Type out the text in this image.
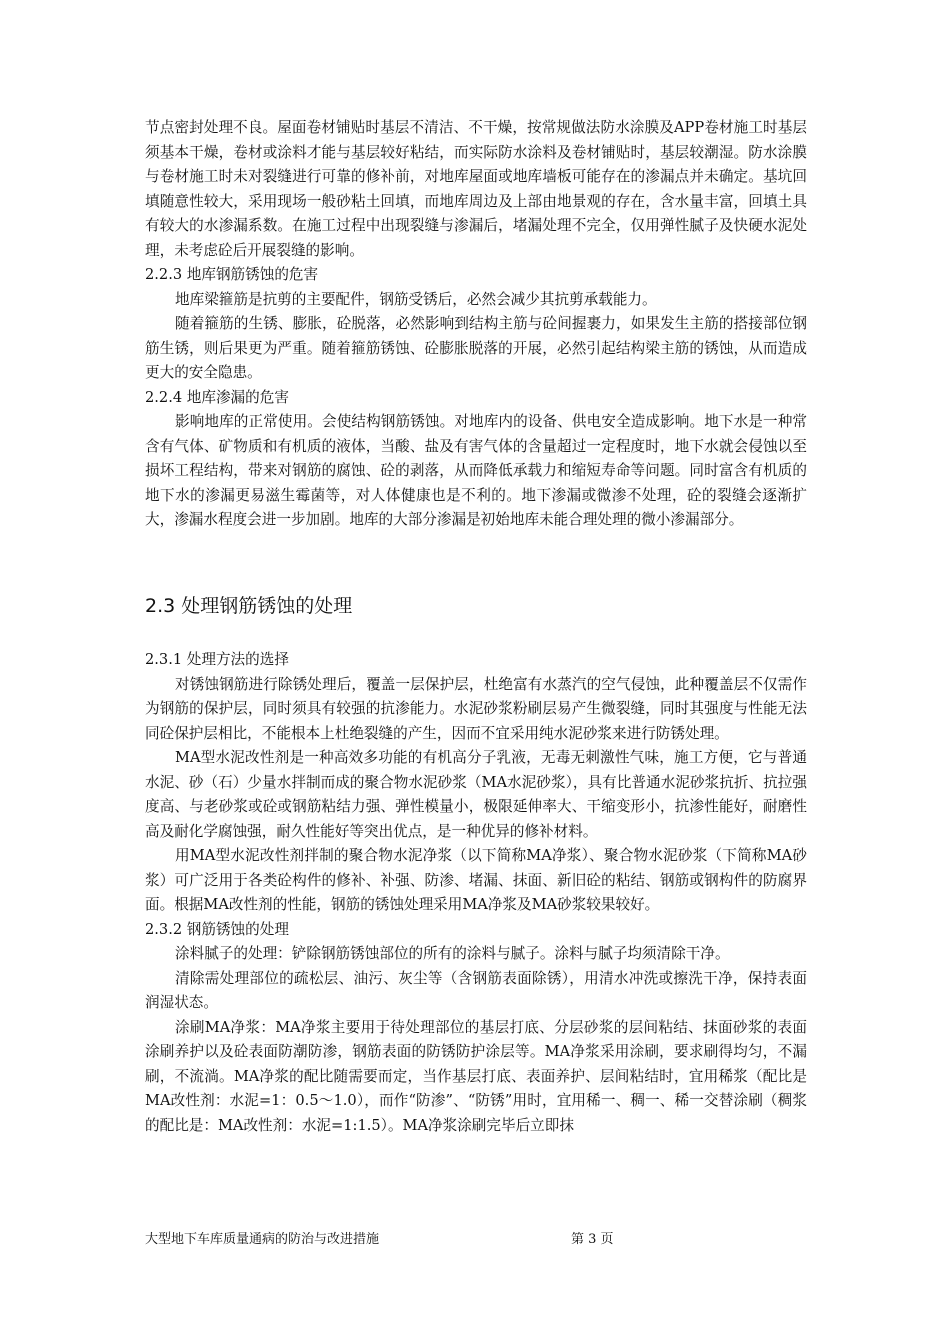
节点密封处理不良。屋面卷材铺贴时基层不清洁、不干燥，按常规做法防水涂膜及APP卷材施工时基层须基本干燥，卷材或涂料才能与基层较好粘结，而实际防水涂料及卷材铺贴时，基层较潮湿。防水涂膜与卷材施工时未对裂缝进行可靠的修补前，对地库屋面或地库墙板可能存在的渗漏点并未确定。基坑回填随意性较大，采用现场一般砂粘土回填，而地库周边及上部由地景观的存在，含水量丰富，回填土具有较大的水渗漏系数。在施工过程中出现裂缝与渗漏后，堵漏处理不完全，仅用弹性腻子及快硬水泥处理，未考虑砼后开展裂缝的影响。

2.2.3 地库钢筋锈蚀的危害

地库梁箍筋是抗剪的主要配件，钢筋受锈后，必然会减少其抗剪承载能力。

随着箍筋的生锈、膨胀，砼脱落，必然影响到结构主筋与砼间握裹力，如果发生主筋的搭接部位钢筋生锈，则后果更为严重。随着箍筋锈蚀、砼膨胀脱落的开展，必然引起结构梁主筋的锈蚀，从而造成更大的安全隐患。

2.2.4 地库渗漏的危害

影响地库的正常使用。会使结构钢筋锈蚀。对地库内的设备、供电安全造成影响。地下水是一种常含有气体、矿物质和有机质的液体，当酸、盐及有害气体的含量超过一定程度时，地下水就会侵蚀以至损坏工程结构，带来对钢筋的腐蚀、砼的剥落，从而降低承载力和缩短寿命等问题。同时富含有机质的地下水的渗漏更易滋生霉菌等，对人体健康也是不利的。地下渗漏或微渗不处理，砼的裂缝会逐渐扩大，渗漏水程度会进一步加剧。地库的大部分渗漏是初始地库未能合理处理的微小渗漏部分。

2.3 处理钢筋锈蚀的处理

2.3.1 处理方法的选择

对锈蚀钢筋进行除锈处理后，覆盖一层保护层，杜绝富有水蒸汽的空气侵蚀，此种覆盖层不仅需作为钢筋的保护层，同时须具有较强的抗渗能力。水泥砂浆粉刷层易产生微裂缝，同时其强度与性能无法同砼保护层相比，不能根本上杜绝裂缝的产生，因而不宜采用纯水泥砂浆来进行防锈处理。

MA型水泥改性剂是一种高效多功能的有机高分子乳液，无毒无刺激性气味，施工方便，它与普通水泥、砂（石）少量水拌制而成的聚合物水泥砂浆（MA水泥砂浆），具有比普通水泥砂浆抗折、抗拉强度高、与老砂浆或砼或钢筋粘结力强、弹性模量小，极限延伸率大、干缩变形小，抗渗性能好，耐磨性高及耐化学腐蚀强，耐久性能好等突出优点，是一种优异的修补材料。

用MA型水泥改性剂拌制的聚合物水泥净浆（以下简称MA净浆）、聚合物水泥砂浆（下简称MA砂浆）可广泛用于各类砼构件的修补、补强、防渗、堵漏、抹面、新旧砼的粘结、钢筋或钢构件的防腐界面。根据MA改性剂的性能，钢筋的锈蚀处理采用MA净浆及MA砂浆较果较好。

2.3.2 钢筋锈蚀的处理

涂料腻子的处理：铲除钢筋锈蚀部位的所有的涂料与腻子。涂料与腻子均须清除干净。

清除需处理部位的疏松层、油污、灰尘等（含钢筋表面除锈），用清水冲洗或擦洗干净，保持表面润湿状态。

涂刷MA净浆：MA净浆主要用于待处理部位的基层打底、分层砂浆的层间粘结、抹面砂浆的表面涂刷养护以及砼表面防潮防渗，钢筋表面的防锈防护涂层等。MA净浆采用涂刷，要求刷得均匀，不漏刷，不流淌。MA净浆的配比随需要而定，当作基层打底、表面养护、层间粘结时，宜用稀浆（配比是MA改性剂：水泥=1：0.5～1.0），而作“防渗”、“防锈”用时，宜用稀一、稠一、稀一交替涂刷（稠浆的配比是：MA改性剂：水泥=1:1.5）。MA净浆涂刷完毕后立即抹

大型地下车库质量通病的防治与改进措施	第 3 页
